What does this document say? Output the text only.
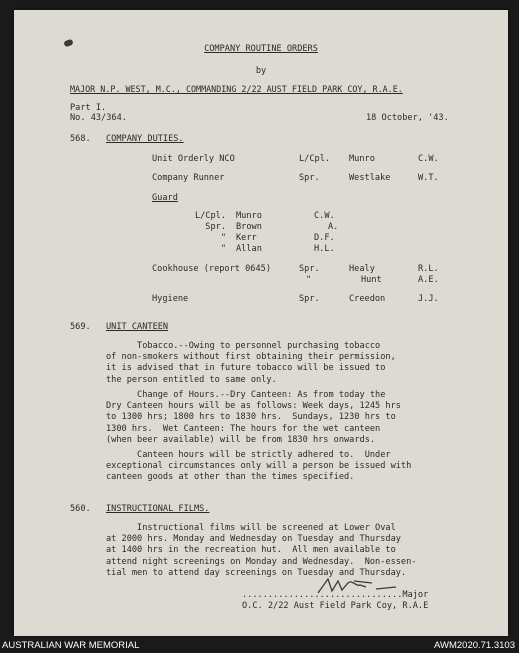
COMPANY ROUTINE ORDERS
by
MAJOR N.P. WEST, M.C., COMMANDING 2/22 AUST FIELD PARK COY, R.A.E.
Part I.
No. 43/364.	18 October, '43.
568. COMPANY DUTIES.
Unit Orderly NCO	L/Cpl. Munro	C.W.
Company Runner	Spr.	Westlake	W.T.
Guard
L/Cpl. Munro	C.W.
Spr. Brown	A.
" Kerr	D.F.
" Allan	H.L.
Cookhouse (report 0645)	Spr.	Healy	R.L.
"	Hunt	A.E.
Hygiene	Spr.	Creedon	J.J.
569. UNIT CANTEEN
Tobacco.--Owing to personnel purchasing tobacco
of non-smokers without first obtaining their permission,
it is advised that in future tobacco will be issued to
the person entitled to same only.
Change of Hours.--Dry Canteen: As from today the
Dry Canteen hours will be as follows: Week days, 1245 hrs
to 1300 hrs; 1800 hrs to 1830 hrs.  Sundays, 1230 hrs to
1300 hrs.  Wet Canteen: The hours for the wet canteen
(when beer available) will be from 1830 hrs onwards.
Canteen hours will be strictly adhered to.  Under
exceptional circumstances only will a person be issued with
canteen goods at other than the times specified.
560. INSTRUCTIONAL FILMS.
Instructional films will be screened at Lower Oval
at 2000 hrs. Monday and Wednesday on Tuesday and Thursday
at 1400 hrs in the recreation hut.  All men available to
attend night screenings on Monday and Wednesday.  Non-essen-
tial men to attend day screenings on Tuesday and Thursday.
...............................Major
O.C. 2/22 Aust Field Park Coy, R.A.E
AUSTRALIAN WAR MEMORIAL	AWM2020.71.3103
